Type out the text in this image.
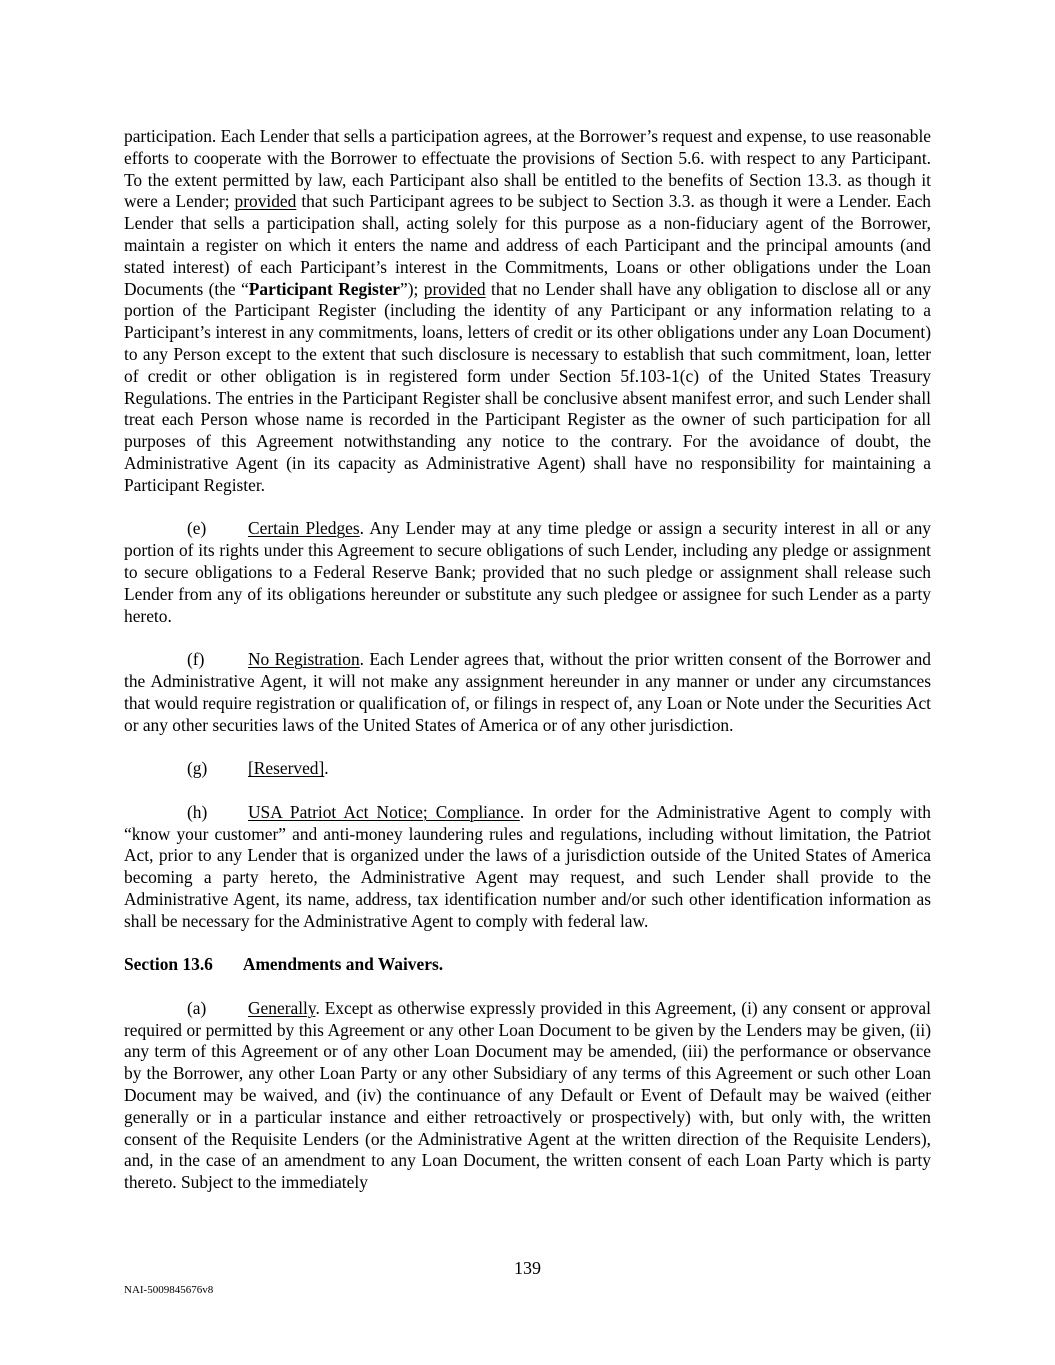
participation. Each Lender that sells a participation agrees, at the Borrower’s request and expense, to use reasonable efforts to cooperate with the Borrower to effectuate the provisions of Section 5.6. with respect to any Participant. To the extent permitted by law, each Participant also shall be entitled to the benefits of Section 13.3. as though it were a Lender; provided that such Participant agrees to be subject to Section 3.3. as though it were a Lender. Each Lender that sells a participation shall, acting solely for this purpose as a non-fiduciary agent of the Borrower, maintain a register on which it enters the name and address of each Participant and the principal amounts (and stated interest) of each Participant’s interest in the Commitments, Loans or other obligations under the Loan Documents (the “Participant Register”); provided that no Lender shall have any obligation to disclose all or any portion of the Participant Register (including the identity of any Participant or any information relating to a Participant’s interest in any commitments, loans, letters of credit or its other obligations under any Loan Document) to any Person except to the extent that such disclosure is necessary to establish that such commitment, loan, letter of credit or other obligation is in registered form under Section 5f.103-1(c) of the United States Treasury Regulations. The entries in the Participant Register shall be conclusive absent manifest error, and such Lender shall treat each Person whose name is recorded in the Participant Register as the owner of such participation for all purposes of this Agreement notwithstanding any notice to the contrary. For the avoidance of doubt, the Administrative Agent (in its capacity as Administrative Agent) shall have no responsibility for maintaining a Participant Register.

(e) Certain Pledges. Any Lender may at any time pledge or assign a security interest in all or any portion of its rights under this Agreement to secure obligations of such Lender, including any pledge or assignment to secure obligations to a Federal Reserve Bank; provided that no such pledge or assignment shall release such Lender from any of its obligations hereunder or substitute any such pledgee or assignee for such Lender as a party hereto.

(f)	No Registration. Each Lender agrees that, without the prior written consent of the Borrower and the Administrative Agent, it will not make any assignment hereunder in any manner or under any circumstances that would require registration or qualification of, or filings in respect of, any Loan or Note under the Securities Act or any other securities laws of the United States of America or of any other jurisdiction.

(g) [Reserved].

(h) USA Patriot Act Notice; Compliance. In order for the Administrative Agent to comply with “know your customer” and anti-money laundering rules and regulations, including without limitation, the Patriot Act, prior to any Lender that is organized under the laws of a jurisdiction outside of the United States of America becoming a party hereto, the Administrative Agent may request, and such Lender shall provide to the Administrative Agent, its name, address, tax identification number and/or such other identification information as shall be necessary for the Administrative Agent to comply with federal law.

Section 13.6 Amendments and Waivers.

(a) Generally. Except as otherwise expressly provided in this Agreement, (i) any consent or approval required or permitted by this Agreement or any other Loan Document to be given by the Lenders may be given, (ii) any term of this Agreement or of any other Loan Document may be amended, (iii) the performance or observance by the Borrower, any other Loan Party or any other Subsidiary of any terms of this Agreement or such other Loan Document may be waived, and (iv) the continuance of any Default or Event of Default may be waived (either generally or in a particular instance and either retroactively or prospectively) with, but only with, the written consent of the Requisite Lenders (or the Administrative Agent at the written direction of the Requisite Lenders), and, in the case of an amendment to any Loan Document, the written consent of each Loan Party which is party thereto. Subject to the immediately

139
NAI-5009845676v8
